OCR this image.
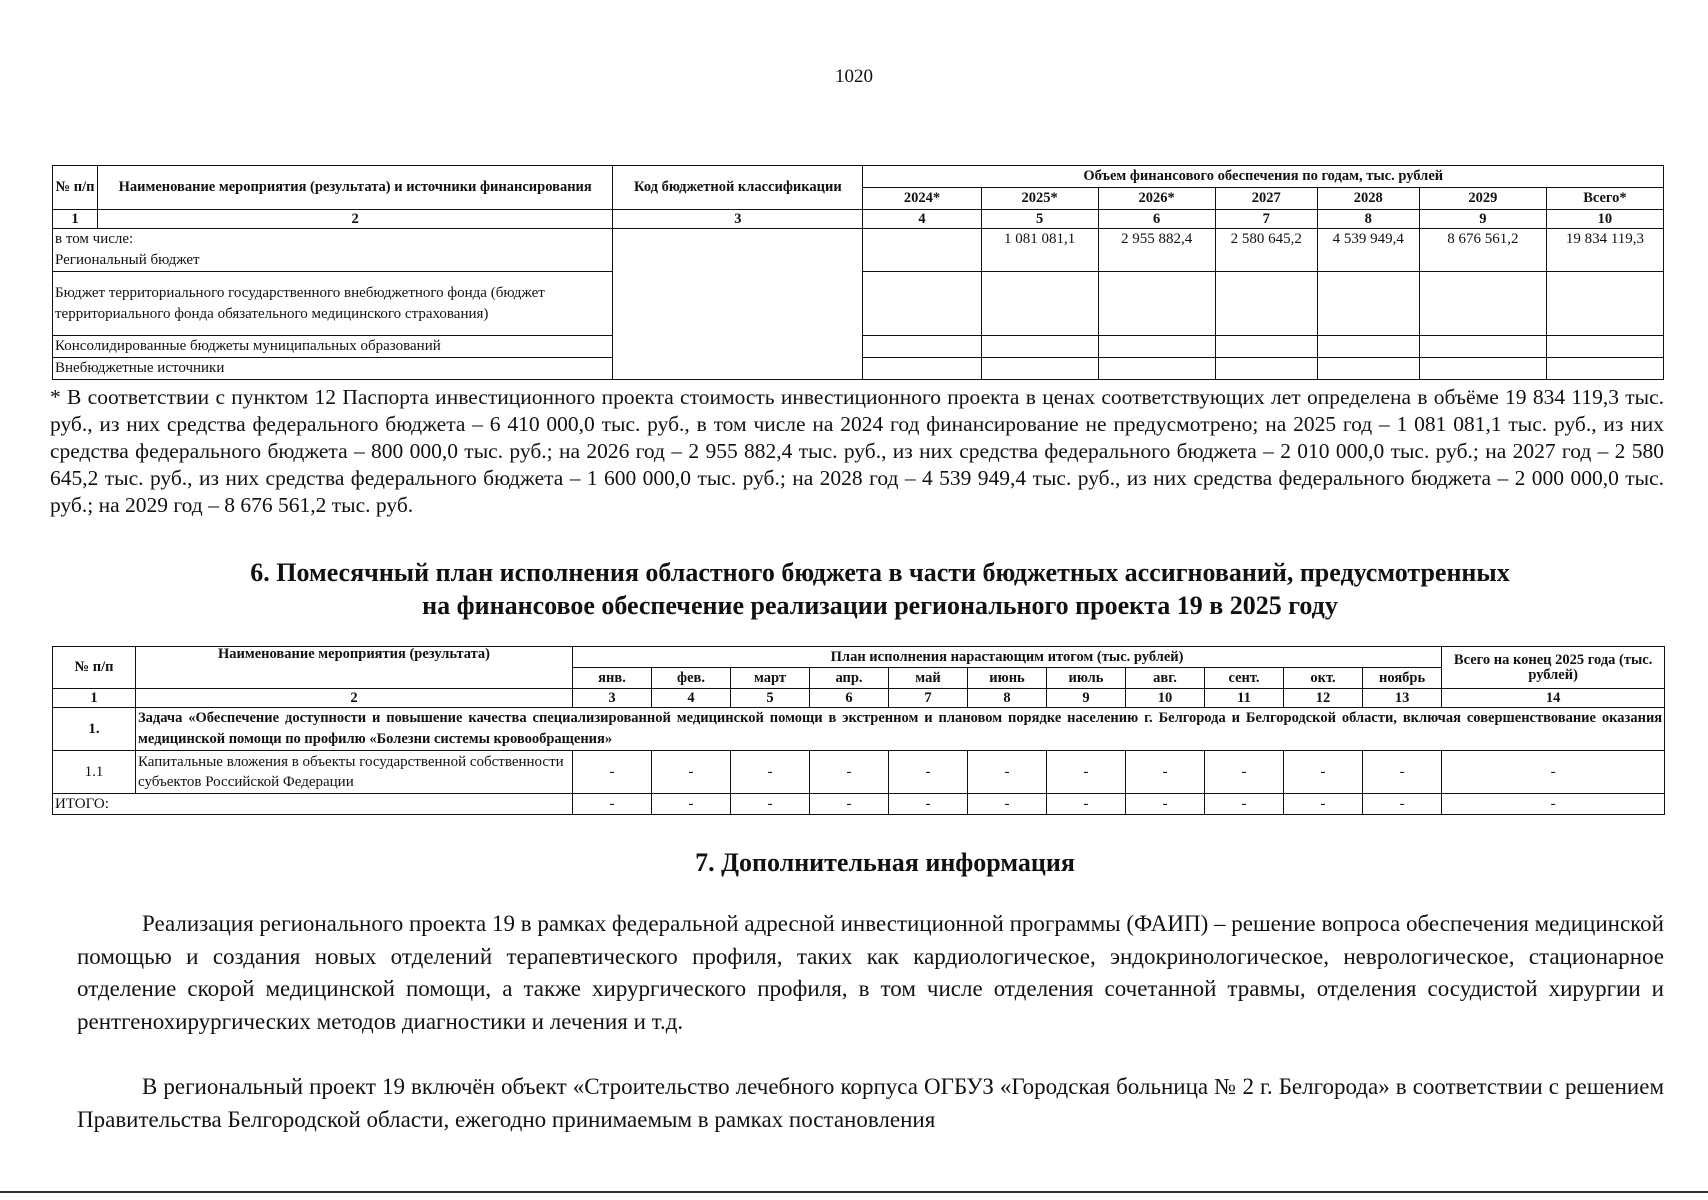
1020
№ п/п	Наименование мероприятия (результата) и источники финансирования	Код бюджетной классификации	Объем финансового обеспечения по годам, тыс. рублей						
			2024*	2025*	2026*	2027	2028	2029	Всего*
1	2	3	4	5	6	7	8	9	10

в том числе:
Региональный бюджет				1 081 081,1	2 955 882,4	2 580 645,2	4 539 949,4	8 676 561,2	19 834 119,3
Бюджет территориального государственного внебюджетного фонда (бюджет территориального фонда обязательного медицинского страхования)									
Консолидированные бюджеты муниципальных образований									
Внебюджетные источники									
* В соответствии с пунктом 12 Паспорта инвестиционного проекта стоимость инвестиционного проекта в ценах соответствующих лет определена в объёме 19 834 119,3 тыс. руб., из них средства федерального бюджета – 6 410 000,0 тыс. руб., в том числе на 2024 год финансирование не предусмотрено; на 2025 год – 1 081 081,1 тыс. руб., из них средства федерального бюджета – 800 000,0 тыс. руб.; на 2026 год – 2 955 882,4 тыс. руб., из них средства федерального бюджета – 2 010 000,0 тыс. руб.; на 2027 год – 2 580 645,2 тыс. руб., из них средства федерального бюджета – 1 600 000,0 тыс. руб.; на 2028 год – 4 539 949,4 тыс. руб., из них средства федерального бюджета – 2 000 000,0 тыс. руб.; на 2029 год – 8 676 561,2 тыс. руб.
6. Помесячный план исполнения областного бюджета в части бюджетных ассигнований, предусмотренных
на финансовое обеспечение реализации регионального проекта 19 в 2025 году
№ п/п	Наименование мероприятия (результата)	План исполнения нарастающим итогом (тыс. рублей)											Всего на конец 2025 года (тыс. рублей)
		янв.	фев.	март	апр.	май	июнь	июль	авг.	сент.	окт.	ноябрь	
1	2	3	4	5	6	7	8	9	10	11	12	13	14
1.	Задача «Обеспечение доступности и повышение качества специализированной медицинской помощи в экстренном и плановом порядке населению г. Белгорода и Белгородской области, включая совершенствование оказания медицинской помощи по профилю «Болезни системы кровообращения»												
1.1	Капитальные вложения в объекты государственной собственности субъектов Российской Федерации	-	-	-	-	-	-	-	-	-	-	-	-
ИТОГО:		-	-	-	-	-	-	-	-	-	-	-	-
7. Дополнительная информация
Реализация регионального проекта 19 в рамках федеральной адресной инвестиционной программы (ФАИП) – решение вопроса обеспечения медицинской помощью и создания новых отделений терапевтического профиля, таких как кардиологическое, эндокринологическое, неврологическое, стационарное отделение скорой медицинской помощи, а также хирургического профиля, в том числе отделения сочетанной травмы, отделения сосудистой хирургии и рентгенохирургических методов диагностики и лечения и т.д.
В региональный проект 19 включён объект «Строительство лечебного корпуса ОГБУЗ «Городская больница № 2 г. Белгорода» в соответствии с решением Правительства Белгородской области, ежегодно принимаемым в рамках постановления
